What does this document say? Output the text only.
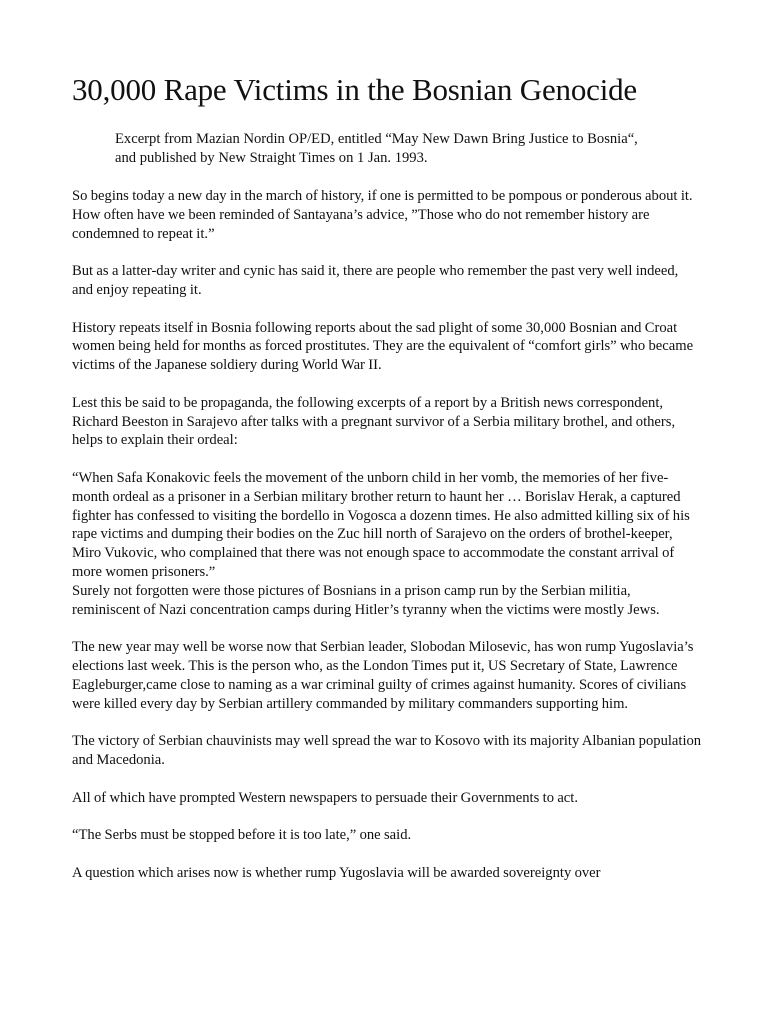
30,000 Rape Victims in the Bosnian Genocide
Excerpt from Mazian Nordin OP/ED, entitled “May New Dawn Bring Justice to Bosnia“, and published by New Straight Times on 1 Jan. 1993.

So begins today a new day in the march of history, if one is permitted to be pompous or ponderous about it. How often have we been reminded of Santayana’s advice, ”Those who do not remember history are condemned to repeat it.”

But as a latter-day writer and cynic has said it, there are people who remember the past very well indeed, and enjoy repeating it.

History repeats itself in Bosnia following reports about the sad plight of some 30,000 Bosnian and Croat women being held for months as forced prostitutes. They are the equivalent of “comfort girls” who became victims of the Japanese soldiery during World War II.

Lest this be said to be propaganda, the following excerpts of a report by a British news correspondent, Richard Beeston in Sarajevo after talks with a pregnant survivor of a Serbia military brothel, and others, helps to explain their ordeal:

“When Safa Konakovic feels the movement of the unborn child in her vomb, the memories of her five-month ordeal as a prisoner in a Serbian military brother return to haunt her … Borislav Herak, a captured fighter has confessed to visiting the bordello in Vogosca a dozenn times. He also admitted killing six of his rape victims and dumping their bodies on the Zuc hill north of Sarajevo on the orders of brothel-keeper, Miro Vukovic, who complained that there was not enough space to accommodate the constant arrival of more women prisoners.”

Surely not forgotten were those pictures of Bosnians in a prison camp run by the Serbian militia, reminiscent of Nazi concentration camps during Hitler’s tyranny when the victims were mostly Jews.

The new year may well be worse now that Serbian leader, Slobodan Milosevic, has won rump Yugoslavia’s elections last week. This is the person who, as the London Times put it, US Secretary of State, Lawrence Eagleburger,came close to naming as a war criminal guilty of crimes against humanity. Scores of civilians were killed every day by Serbian artillery commanded by military commanders supporting him.

The victory of Serbian chauvinists may well spread the war to Kosovo with its majority Albanian population and Macedonia.

All of which have prompted Western newspapers to persuade their Governments to act.

“The Serbs must be stopped before it is too late,” one said.

A question which arises now is whether rump Yugoslavia will be awarded sovereignty over
